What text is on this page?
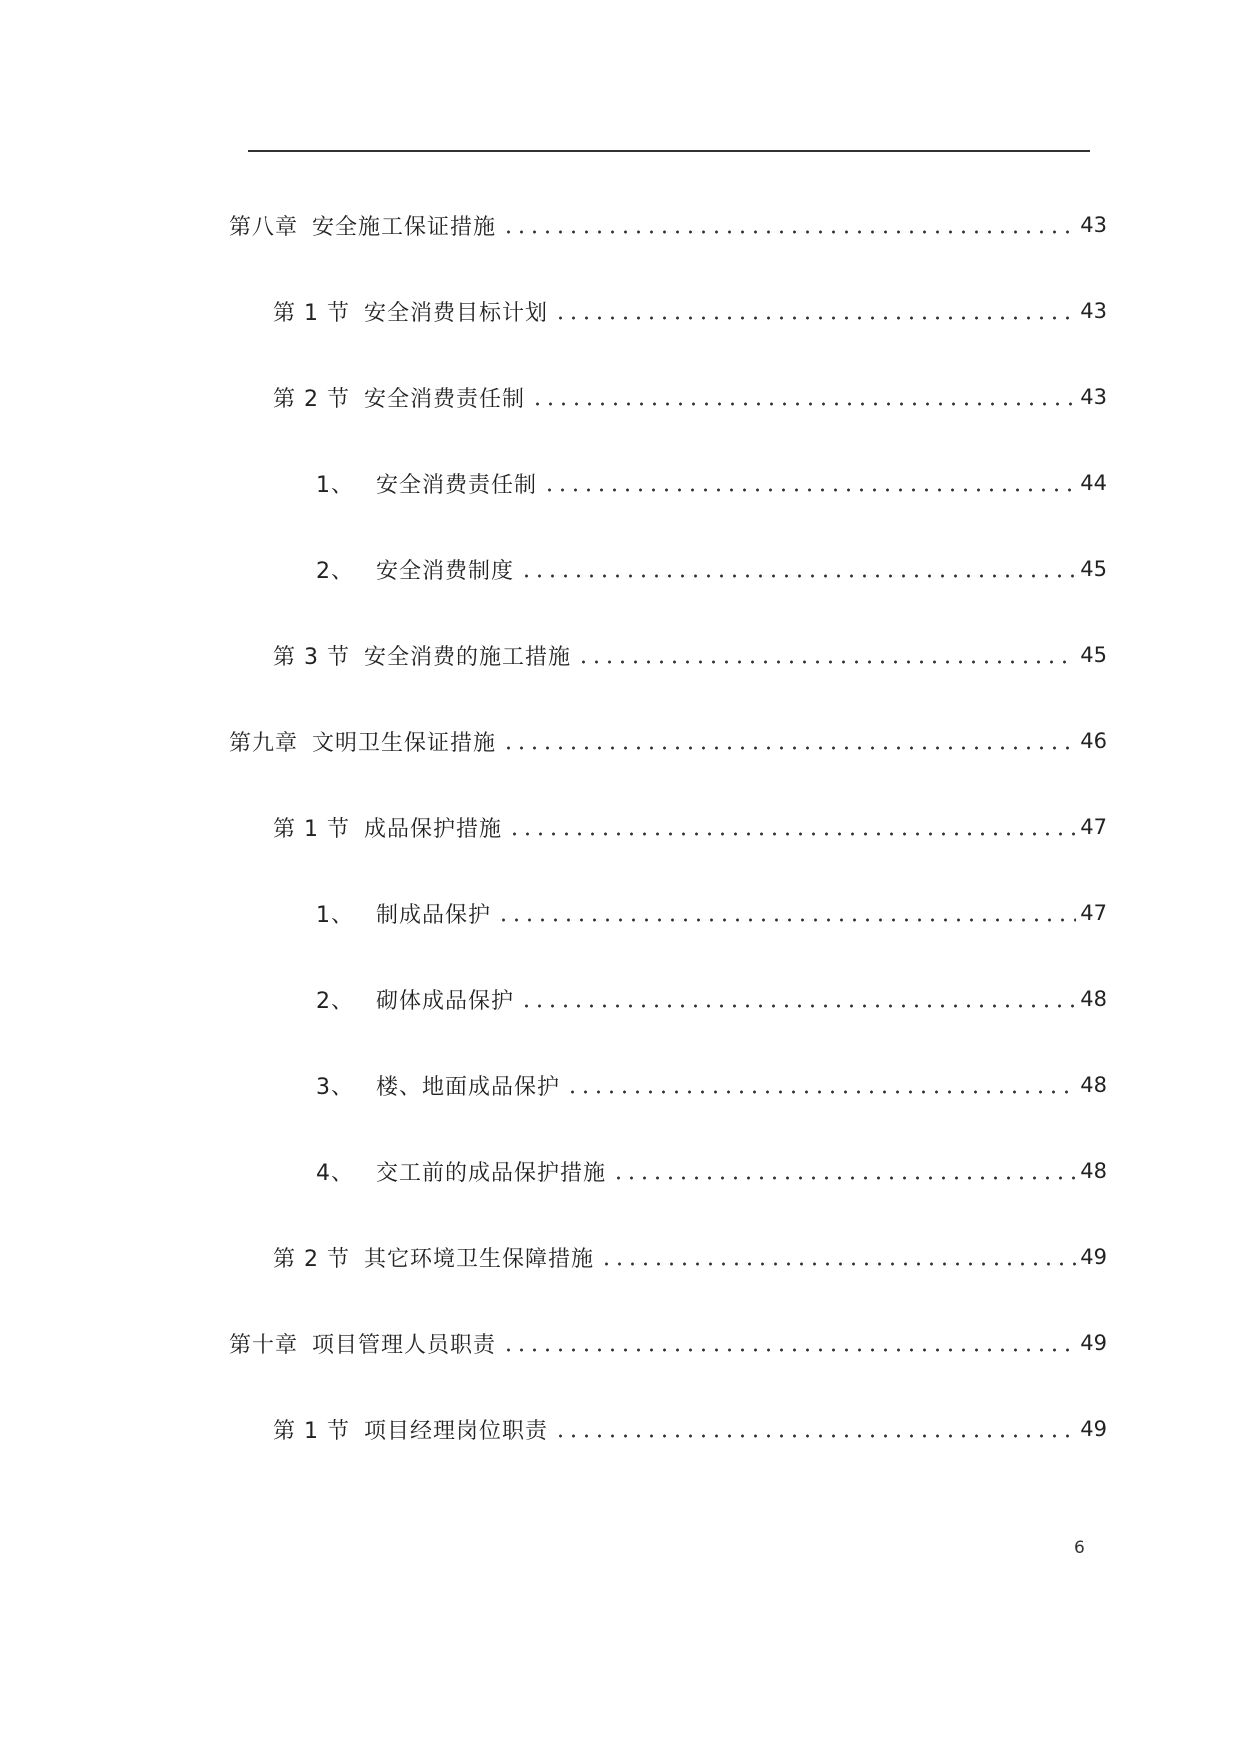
第八章 安全施工保证措施	43
第 1 节 安全消费目标计划	43
第 2 节 安全消费责任制	43
1、 安全消费责任制	44
2、 安全消费制度	45
第 3 节 安全消费的施工措施	45
第九章 文明卫生保证措施	46
第 1 节 成品保护措施	47
1、 制成品保护	47
2、 砌体成品保护	48
3、 楼、地面成品保护	48
4、 交工前的成品保护措施	48
第 2 节 其它环境卫生保障措施	49
第十章 项目管理人员职责	49
第 1 节 项目经理岗位职责	49
6
